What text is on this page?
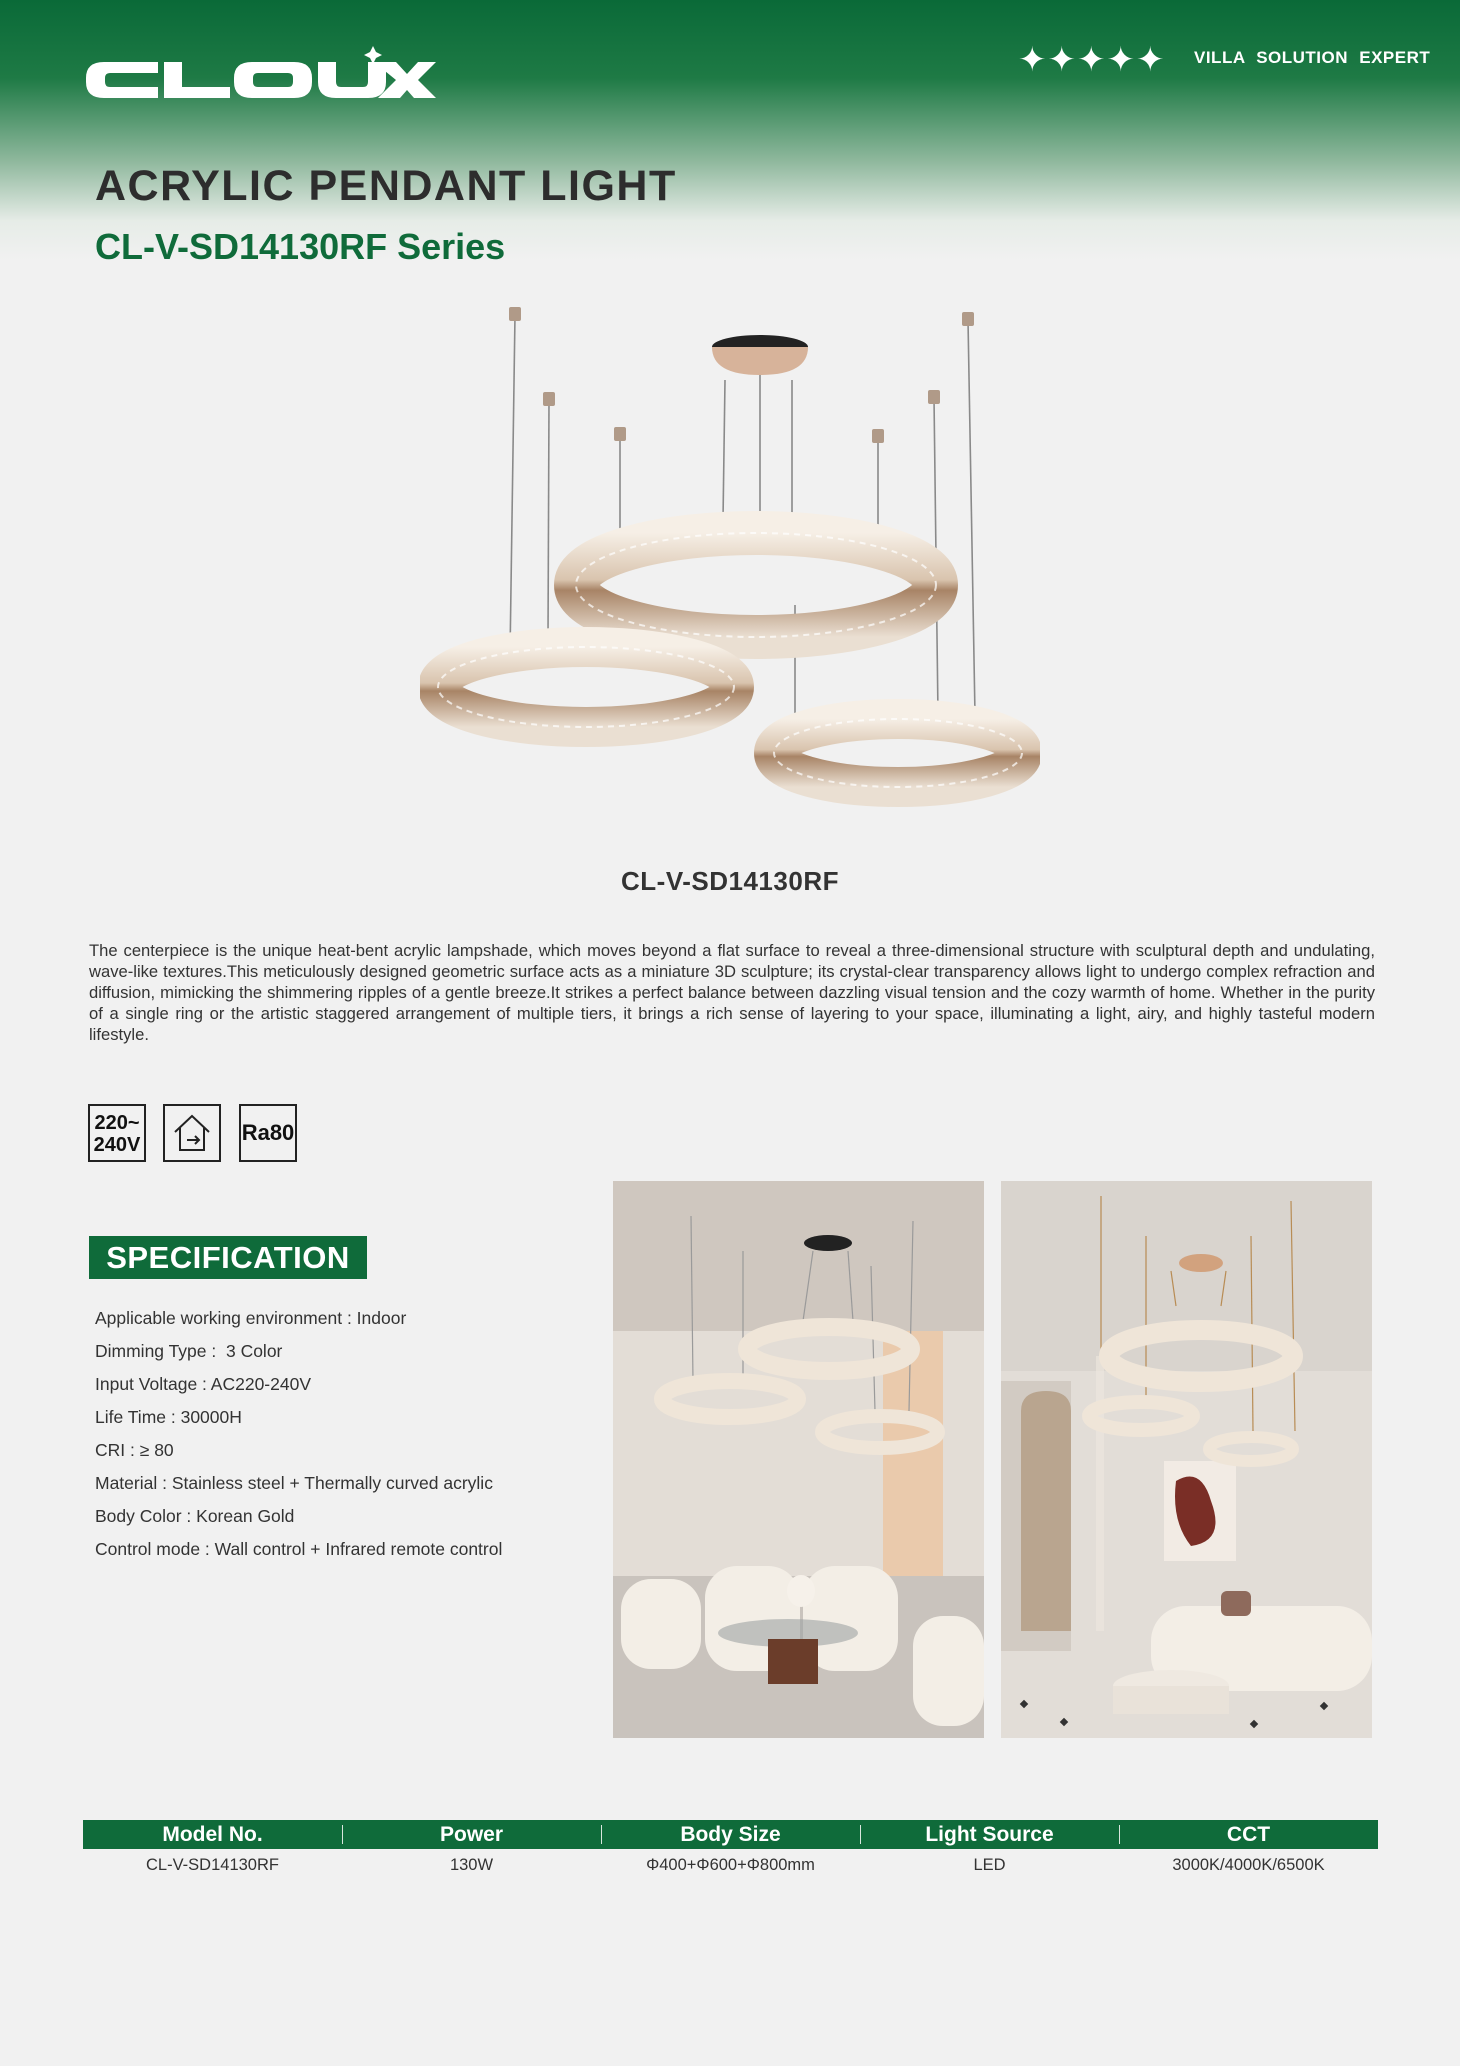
✦✦✦✦✦ VILLA SOLUTION EXPERT
ACRYLIC PENDANT LIGHT
CL-V-SD14130RF Series
CL-V-SD14130RF
The centerpiece is the unique heat-bent acrylic lampshade, which moves beyond a flat surface to reveal a three-dimensional structure with sculptural depth and undulating, wave-like textures.This meticulously designed geometric surface acts as a miniature 3D sculpture; its crystal-clear transparency allows light to undergo complex refraction and diffusion, mimicking the shimmering ripples of a gentle breeze.It strikes a perfect balance between dazzling visual tension and the cozy warmth of home. Whether in the purity of a single ring or the artistic staggered arrangement of multiple tiers, it brings a rich sense of layering to your space, illuminating a light, airy, and highly tasteful modern lifestyle.
220~
240V	Ra80
SPECIFICATION
Applicable working environment : Indoor
Dimming Type :  3 Color
Input Voltage : AC220-240V
Life Time : 30000H
CRI : ≥ 80
Material : Stainless steel + Thermally curved acrylic
Body Color : Korean Gold
Control mode : Wall control + Infrared remote control
Model No.	Power	Body Size	Light Source	CCT
CL-V-SD14130RF	130W	Φ400+Φ600+Φ800mm	LED	3000K/4000K/6500K
